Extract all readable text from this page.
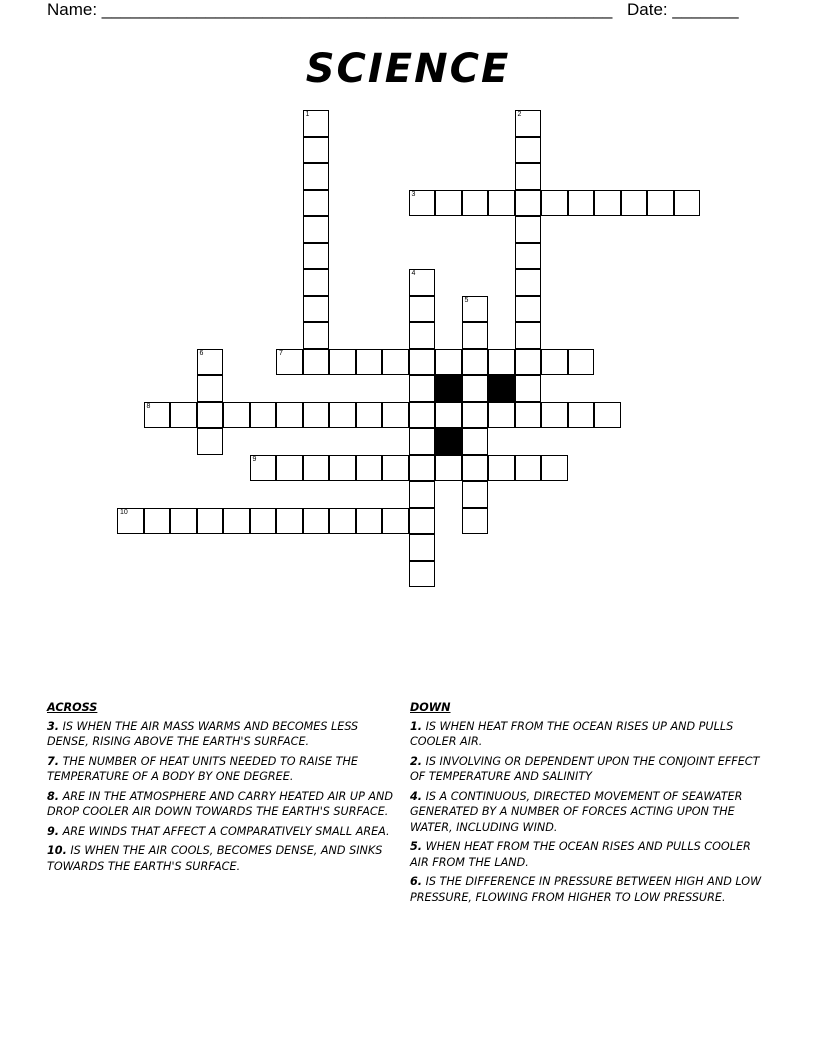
Name: ______________________________________________________ Date: _______
SCIENCE
1	2
3
4
5
6	7
8
9
10
ACROSS
3. IS WHEN THE AIR MASS WARMS AND BECOMES LESS DENSE, RISING ABOVE THE EARTH'S SURFACE.
7. THE NUMBER OF HEAT UNITS NEEDED TO RAISE THE TEMPERATURE OF A BODY BY ONE DEGREE.
8. ARE IN THE ATMOSPHERE AND CARRY HEATED AIR UP AND DROP COOLER AIR DOWN TOWARDS THE EARTH'S SURFACE.
9. ARE WINDS THAT AFFECT A COMPARATIVELY SMALL AREA.
10. IS WHEN THE AIR COOLS, BECOMES DENSE, AND SINKS TOWARDS THE EARTH'S SURFACE.
DOWN
1. IS WHEN HEAT FROM THE OCEAN RISES UP AND PULLS COOLER AIR.
2. IS INVOLVING OR DEPENDENT UPON THE CONJOINT EFFECT OF TEMPERATURE AND SALINITY
4. IS A CONTINUOUS, DIRECTED MOVEMENT OF SEAWATER GENERATED BY A NUMBER OF FORCES ACTING UPON THE WATER, INCLUDING WIND.
5. WHEN HEAT FROM THE OCEAN RISES AND PULLS COOLER AIR FROM THE LAND.
6. IS THE DIFFERENCE IN PRESSURE BETWEEN HIGH AND LOW PRESSURE, FLOWING FROM HIGHER TO LOW PRESSURE.
